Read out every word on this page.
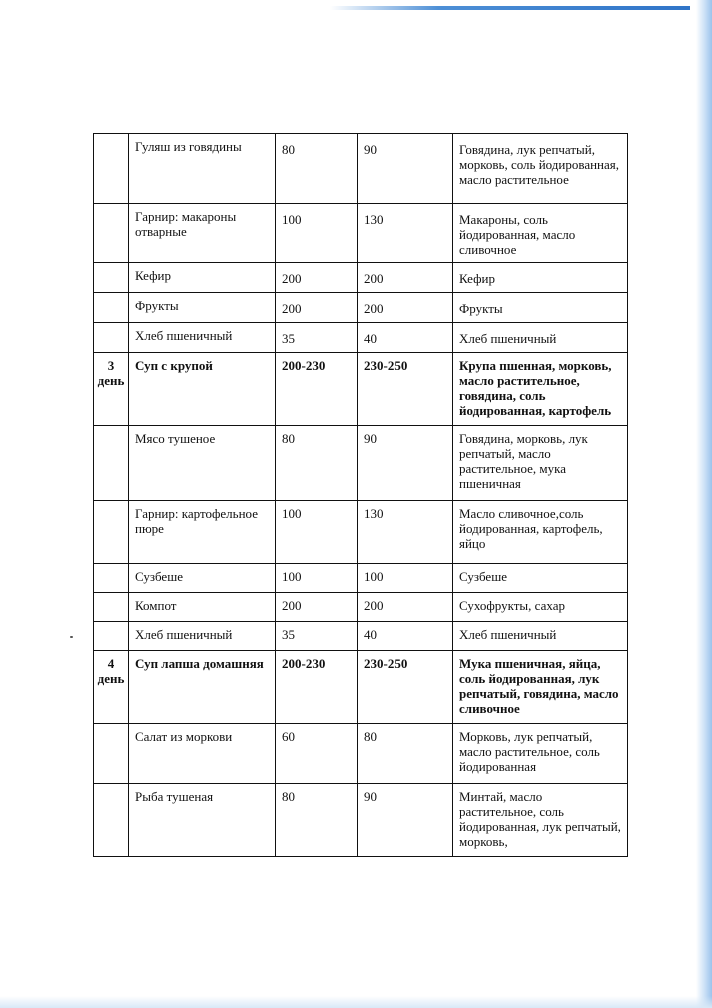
	Гуляш из говядины	80	90	Говядина, лук репчатый, морковь, соль йодированная, масло растительное
	Гарнир: макароны отварные	100	130	Макароны, соль йодированная, масло сливочное
	Кефир	200	200	Кефир
	Фрукты	200	200	Фрукты
	Хлеб пшеничный	35	40	Хлеб пшеничный
3 день	Суп с крупой	200-230	230-250	Крупа пшенная, морковь, масло растительное, говядина, соль йодированная, картофель
	Мясо тушеное	80	90	Говядина, морковь, лук репчатый, масло растительное, мука пшеничная
	Гарнир: картофельное пюре	100	130	Масло сливочное,соль йодированная, картофель, яйцо
	Сузбеше	100	100	Сузбеше
	Компот	200	200	Сухофрукты, сахар
	Хлеб пшеничный	35	40	Хлеб пшеничный
4 день	Суп лапша домашняя	200-230	230-250	Мука пшеничная, яйца, соль йодированная, лук репчатый, говядина, масло сливочное
	Салат из моркови	60	80	Морковь, лук репчатый, масло растительное, соль йодированная
	Рыба тушеная	80	90	Минтай, масло растительное, соль йодированная, лук репчатый, морковь,
